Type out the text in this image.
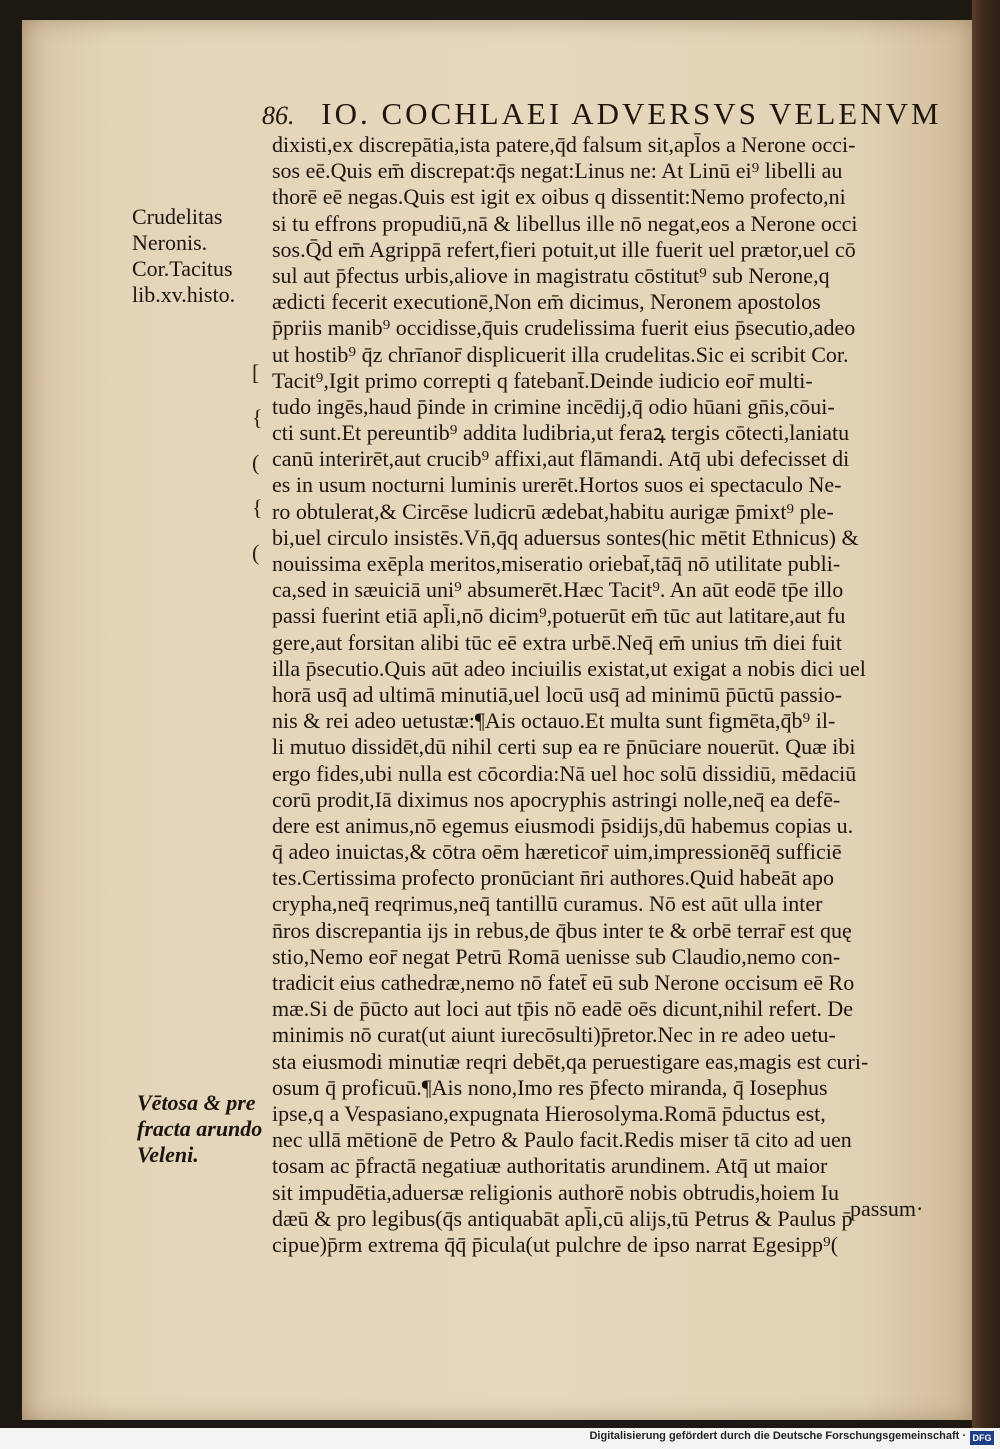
86. IO. COCHLAEI ADVERSVS VELENVM
Crudelitas
Neronis.
Cor.Tacitus
lib.xv.histo.
[
{
(
{
(
dixisti,ex discrepātia,ista patere,q̄d falsum sit,apl̄os a Nerone occi-
sos eē.Quis em̄ discrepat:q̄s negat:Linus ne: At Linū ei⁹ libelli au
thorē eē negas.Quis est igit ex oibus q dissentit:Nemo profecto,ni
si tu effrons propudiū,nā & libellus ille nō negat,eos a Nerone occi
sos.Q̄d em̄ Agrippā refert,fieri potuit,ut ille fuerit uel prætor,uel cō
sul aut p̄fectus urbis,aliove in magistratu cōstitut⁹ sub Nerone,q
ædicti fecerit executionē,Non em̄ dicimus, Neronem apostolos
p̄priis manib⁹ occidisse,q̄uis crudelissima fuerit eius p̄secutio,adeo
ut hostib⁹ q̄z chrīanor̄ displicuerit illa crudelitas.Sic ei scribit Cor.
Tacit⁹,Igit primo correpti q fatebant̄.Deinde iudicio eor̄ multi-
tudo ingēs,haud p̄inde in crimine incēdij,q̄ odio hūani gn̄is,cōui-
cti sunt.Et pereuntib⁹ addita ludibria,ut feraꝝ tergis cōtecti,laniatu
canū interirēt,aut crucib⁹ affixi,aut flāmandi. Atq̄ ubi defecisset di
es in usum nocturni luminis urerēt.Hortos suos ei spectaculo Ne-
ro obtulerat,& Circēse ludicrū ædebat,habitu aurigæ p̄mixt⁹ ple-
bi,uel circulo insistēs.Vn̄,q̄q aduersus sontes(hic mētit Ethnicus) &
nouissima exēpla meritos,miseratio oriebat̄,tāq̄ nō utilitate publi-
ca,sed in sæuiciā uni⁹ absumerēt.Hæc Tacit⁹. An aūt eodē tp̄e illo
passi fuerint etiā apl̄i,nō dicim⁹,potuerūt em̄ tūc aut latitare,aut fu
gere,aut forsitan alibi tūc eē extra urbē.Neq̄ em̄ unius tm̄ diei fuit
illa p̄secutio.Quis aūt adeo inciuilis existat,ut exigat a nobis dici uel
horā usq̄ ad ultimā minutiā,uel locū usq̄ ad minimū p̄ūctū passio-
nis & rei adeo uetustæ:¶Ais octauo.Et multa sunt figmēta,q̄b⁹ il-
li mutuo dissidēt,dū nihil certi sup ea re p̄nūciare nouerūt. Quæ ibi
ergo fides,ubi nulla est cōcordia:Nā uel hoc solū dissidiū, mēdaciū
corū prodit,Iā diximus nos apocryphis astringi nolle,neq̄ ea defē-
dere est animus,nō egemus eiusmodi p̄sidijs,dū habemus copias u.
q̄ adeo inuictas,& cōtra oēm hæreticor̄ uim,impressionēq̄ sufficiē
tes.Certissima profecto pronūciant n̄ri authores.Quid habeāt apo
crypha,neq̄ reqrimus,neq̄ tantillū curamus. Nō est aūt ulla inter
n̄ros discrepantia ijs in rebus,de q̄bus inter te & orbē terrar̄ est quę
stio,Nemo eor̄ negat Petrū Romā uenisse sub Claudio,nemo con-
tradicit eius cathedræ,nemo nō fatet̄ eū sub Nerone occisum eē Ro
mæ.Si de p̄ūcto aut loci aut tp̄is nō eadē oēs dicunt,nihil refert. De
minimis nō curat(ut aiunt iurecōsulti)p̄retor.Nec in re adeo uetu-
sta eiusmodi minutiæ reqri debēt,qa peruestigare eas,magis est curi-
osum q̄ proficuū.¶Ais nono,Imo res p̄fecto miranda, q̄ Iosephus
ipse,q a Vespasiano,expugnata Hierosolyma.Romā p̄ductus est,
nec ullā mētionē de Petro & Paulo facit.Redis miser tā cito ad uen
tosam ac p̄fractā negatiuæ authoritatis arundinem. Atq̄ ut maior
sit impudētia,aduersæ religionis authorē nobis obtrudis,hoiem Iu
dæū & pro legibus(q̄s antiquabāt apl̄i,cū alijs,tū Petrus & Paulus p̄
cipue)p̄rm extrema q̄q̄ p̄icula(ut pulchre de ipso narrat Egesipp⁹(
passum·
Vētosa & pre
fracta arundo
Veleni.
Digitalisierung gefördert durch die Deutsche Forschungsgemeinschaft · DFG
